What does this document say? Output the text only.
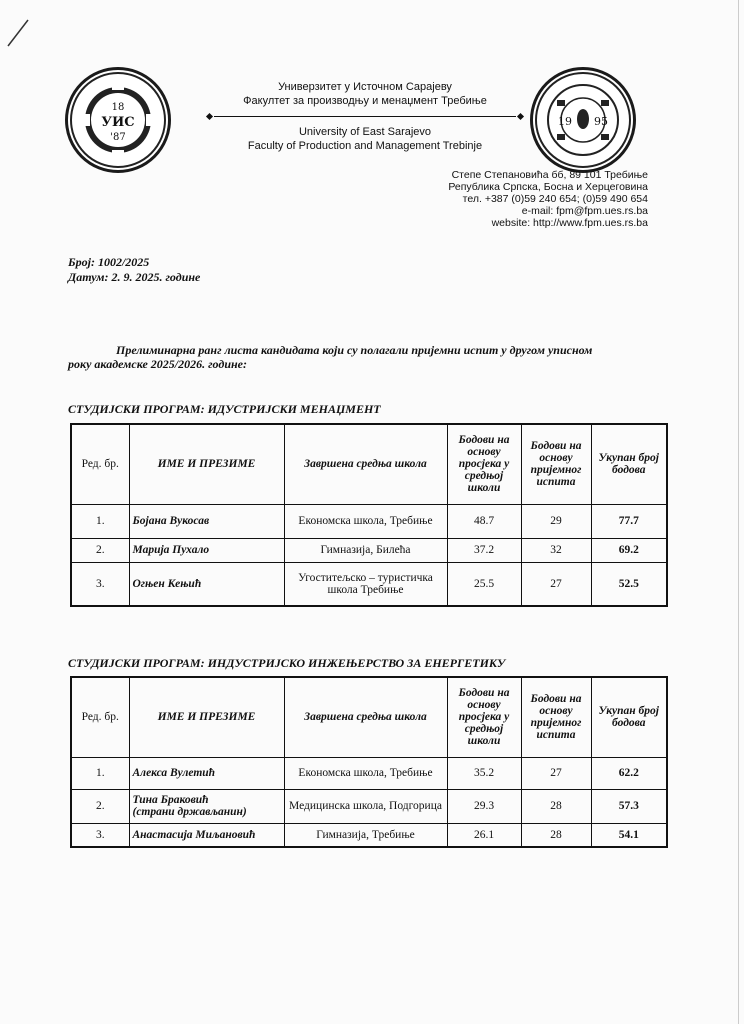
18
УИС
'87
19 95
Универзитет у Источном Сарајеву
Факултет за производњу и менаџмент Требиње
University of East Sarajevo
Faculty of Production and Management Trebinje
Степе Степановића бб, 89 101 Требиње
Република Српска, Босна и Херцеговина
тел. +387 (0)59 240 654; (0)59 490 654
e-mail: fpm@fpm.ues.rs.ba
website: http://www.fpm.ues.rs.ba
Број: 1002/2025
Датум: 2. 9. 2025. године
Прелиминарна ранг листа кандидата који су полагали пријемни испит у другом уписном
року академске 2025/2026. године:
СТУДИЈСКИ ПРОГРАМ: ИДУСТРИЈСКИ МЕНАЏМЕНТ
Ред. бр.	ИМЕ И ПРЕЗИМЕ	Завршена средња школа	Бодови на основу просјека у средњој школи	Бодови на основу пријемног испита	Укупан број бодова
1.	Бојана Вукосав	Економска школа, Требиње	48.7	29	77.7
2.	Марија Пухало	Гимназија, Билећа	37.2	32	69.2
3.	Огњен Кењић	Угоститељско – туристичка школа Требиње	25.5	27	52.5
СТУДИЈСКИ ПРОГРАМ: ИНДУСТРИЈСКО ИНЖЕЊЕРСТВО ЗА ЕНЕРГЕТИКУ
Ред. бр.	ИМЕ И ПРЕЗИМЕ	Завршена средња школа	Бодови на основу просјека у средњој школи	Бодови на основу пријемног испита	Укупан број бодова
1.	Алекса Вулетић	Економска школа, Требиње	35.2	27	62.2
2.	Тина Браковић
(страни држављанин)	Медицинска школа, Подгорица	29.3	28	57.3
3.	Анастасија Миљановић	Гимназија, Требиње	26.1	28	54.1
